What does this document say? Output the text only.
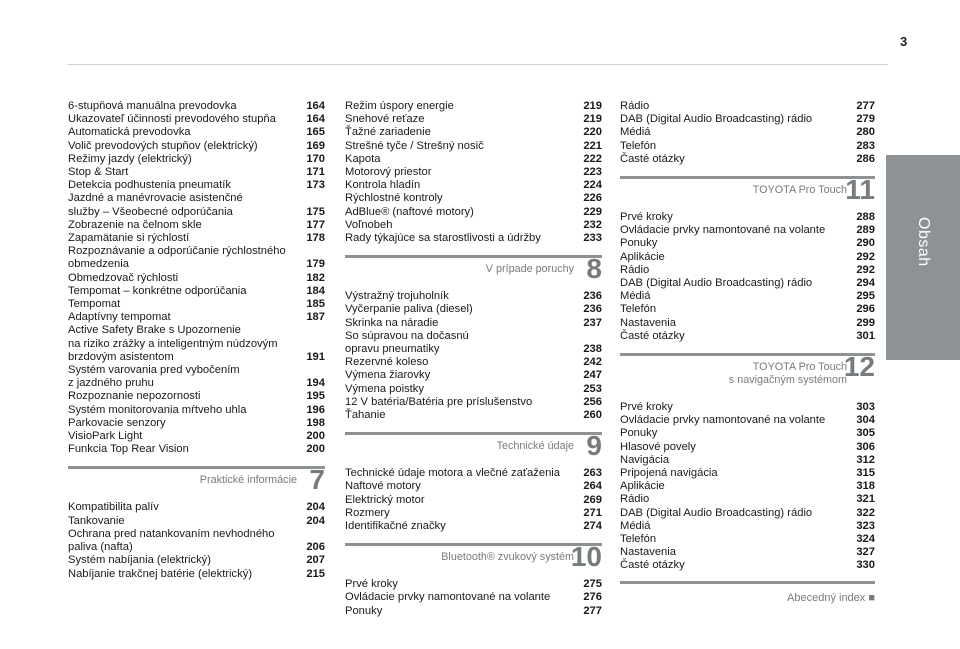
3
Obsah
6-stupňová manuálna prevodovka	164
Ukazovateľ účinnosti prevodového stupňa	164
Automatická prevodovka	165
Volič prevodových stupňov (elektrický)	169
Režimy jazdy (elektrický)	170
Stop & Start	171
Detekcia podhustenia pneumatík	173
Jazdné a manévrovacie asistenčné
služby – Všeobecné odporúčania	175
Zobrazenie na čelnom skle	177
Zapamätanie si rýchlostí	178
Rozpoznávanie a odporúčanie rýchlostného
obmedzenia	179
Obmedzovač rýchlosti	182
Tempomat – konkrétne odporúčania	184
Tempomat	185
Adaptívny tempomat	187
Active Safety Brake s Upozornenie
na riziko zrážky a inteligentným núdzovým
brzdovým asistentom	191
Systém varovania pred vybočením
z jazdného pruhu	194
Rozpoznanie nepozornosti	195
Systém monitorovania mŕtveho uhla	196
Parkovacie senzory	198
VisioPark Light	200
Funkcia Top Rear Vision	200
Praktické informácie 7
Kompatibilita palív	204
Tankovanie	204
Ochrana pred natankovaním nevhodného
paliva (nafta)	206
Systém nabíjania (elektrický)	207
Nabíjanie trakčnej batérie (elektrický)	215
Režim úspory energie	219
Snehové reťaze	219
Ťažné zariadenie	220
Strešné tyče / Strešný nosič	221
Kapota	222
Motorový priestor	223
Kontrola hladín	224
Rýchlostné kontroly	226
AdBlue® (naftové motory)	229
Voľnobeh	232
Rady týkajúce sa starostlivosti a údržby	233
V prípade poruchy 8
Výstražný trojuholník	236
Vyčerpanie paliva (diesel)	236
Skrinka na náradie	237
So súpravou na dočasnú
opravu pneumatiky	238
Rezervné koleso	242
Výmena žiarovky	247
Výmena poistky	253
12 V batéria/Batéria pre príslušenstvo	256
Ťahanie	260
Technické údaje 9
Technické údaje motora a vlečné zaťaženia	263
Naftové motory	264
Elektrický motor	269
Rozmery	271
Identifikačné značky	274
Bluetooth® zvukový systém
10
Prvé kroky	275
Ovládacie prvky namontované na volante	276
Ponuky	277
Rádio	277
DAB (Digital Audio Broadcasting) rádio	279
Médiá	280
Telefón	283
Časté otázky	286
TOYOTA Pro Touch
11
Prvé kroky	288
Ovládacie prvky namontované na volante	289
Ponuky	290
Aplikácie	292
Rádio	292
DAB (Digital Audio Broadcasting) rádio	294
Médiá	295
Telefón	296
Nastavenia	299
Časté otázky	301
TOYOTA Pro Touch
s navigačným systémom
12
Prvé kroky	303
Ovládacie prvky namontované na volante	304
Ponuky	305
Hlasové povely	306
Navigácia	312
Pripojená navigácia	315
Aplikácie	318
Rádio	321
DAB (Digital Audio Broadcasting) rádio	322
Médiá	323
Telefón	324
Nastavenia	327
Časté otázky	330
Abecedný index ■
